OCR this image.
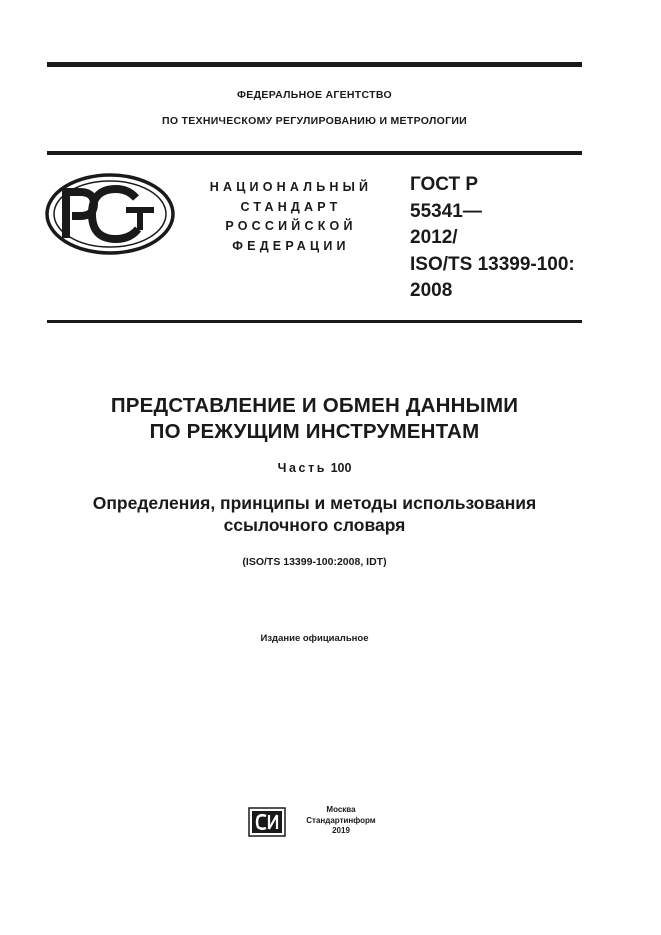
ФЕДЕРАЛЬНОЕ АГЕНТСТВО
ПО ТЕХНИЧЕСКОМУ РЕГУЛИРОВАНИЮ И МЕТРОЛОГИИ
НАЦИОНАЛЬНЫЙ
СТАНДАРТ
РОССИЙСКОЙ
ФЕДЕРАЦИИ
ГОСТ Р
55341—
2012/
ISO/TS 13399-100:
2008
ПРЕДСТАВЛЕНИЕ И ОБМЕН ДАННЫМИ
ПО РЕЖУЩИМ ИНСТРУМЕНТАМ
Часть 100
Определения, принципы и методы использования
ссылочного словаря
(ISO/TS 13399-100:2008, IDT)
Издание официальное
Москва
Стандартинформ
2019
